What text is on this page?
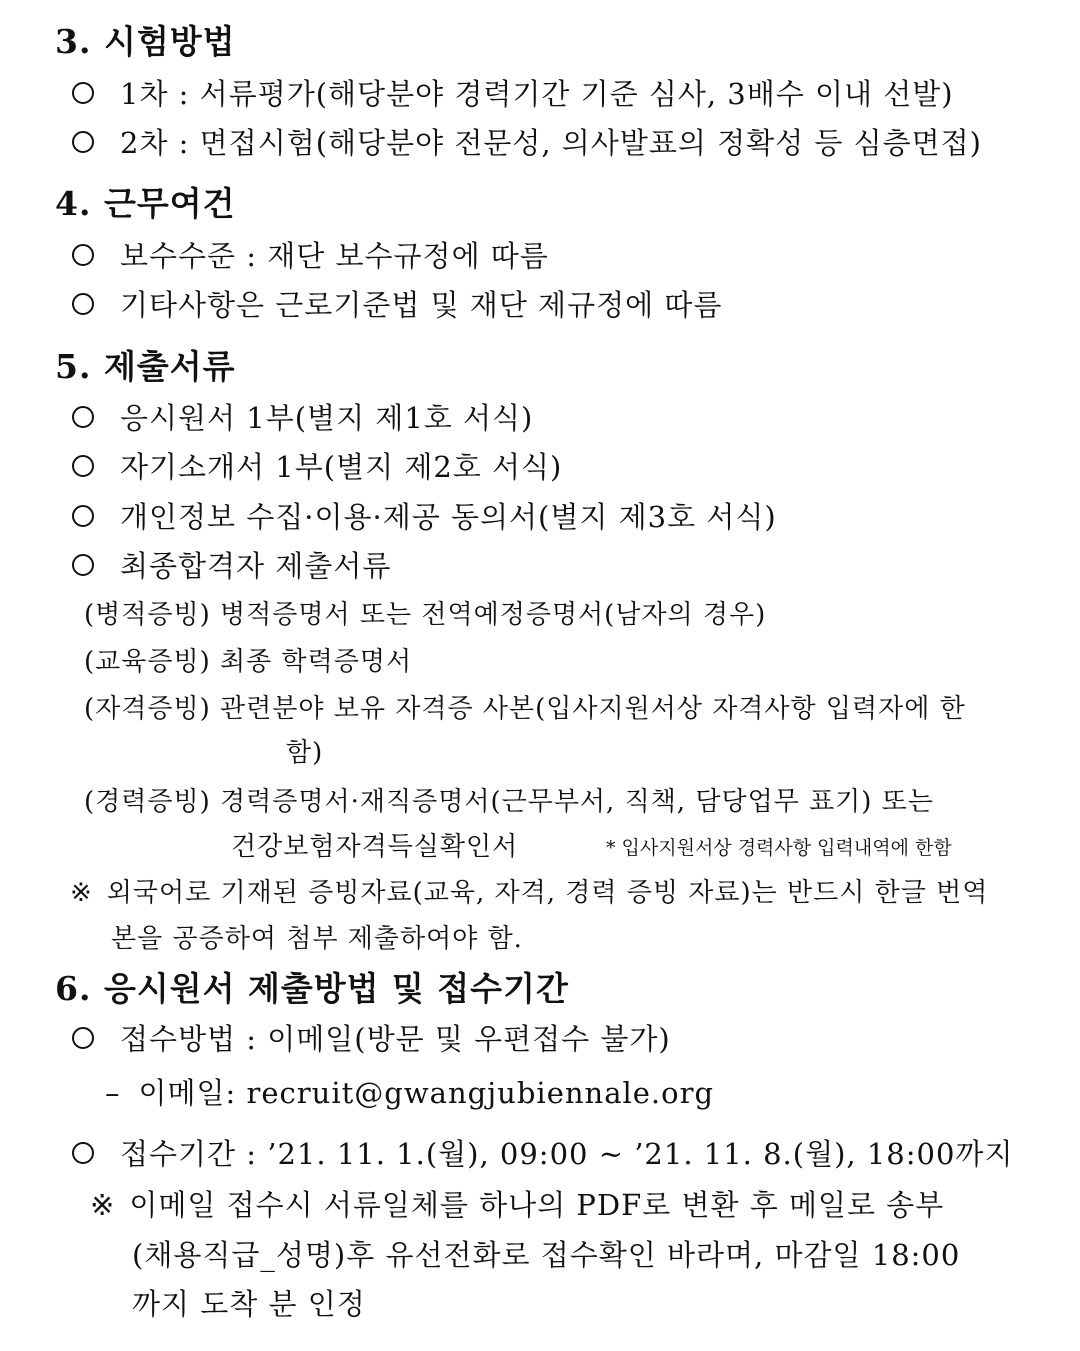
3. 시험방법
1차 : 서류평가(해당분야 경력기간 기준 심사, 3배수 이내 선발)
2차 : 면접시험(해당분야 전문성, 의사발표의 정확성 등 심층면접)
4. 근무여건
보수수준 : 재단 보수규정에 따름
기타사항은 근로기준법 및 재단 제규정에 따름
5. 제출서류
응시원서 1부(별지 제1호 서식)
자기소개서 1부(별지 제2호 서식)
개인정보 수집·이용·제공 동의서(별지 제3호 서식)
최종합격자 제출서류
(병적증빙) 병적증명서 또는 전역예정증명서(남자의 경우)
(교육증빙) 최종 학력증명서
(자격증빙) 관련분야 보유 자격증 사본(입사지원서상 자격사항 입력자에 한
함)
(경력증빙) 경력증명서·재직증명서(근무부서, 직책, 담당업무 표기) 또는
건강보험자격득실확인서	* 입사지원서상 경력사항 입력내역에 한함
※ 외국어로 기재된 증빙자료(교육, 자격, 경력 증빙 자료)는 반드시 한글 번역
본을 공증하여 첨부 제출하여야 함.
6. 응시원서 제출방법 및 접수기간
접수방법 : 이메일(방문 및 우편접수 불가)
– 이메일: recruit@gwangjubiennale.org
접수기간 : ’21. 11. 1.(월), 09:00 ~ ’21. 11. 8.(월), 18:00까지
※ 이메일 접수시 서류일체를 하나의 PDF로 변환 후 메일로 송부
(채용직급_성명)후 유선전화로 접수확인 바라며, 마감일 18:00
까지 도착 분 인정
